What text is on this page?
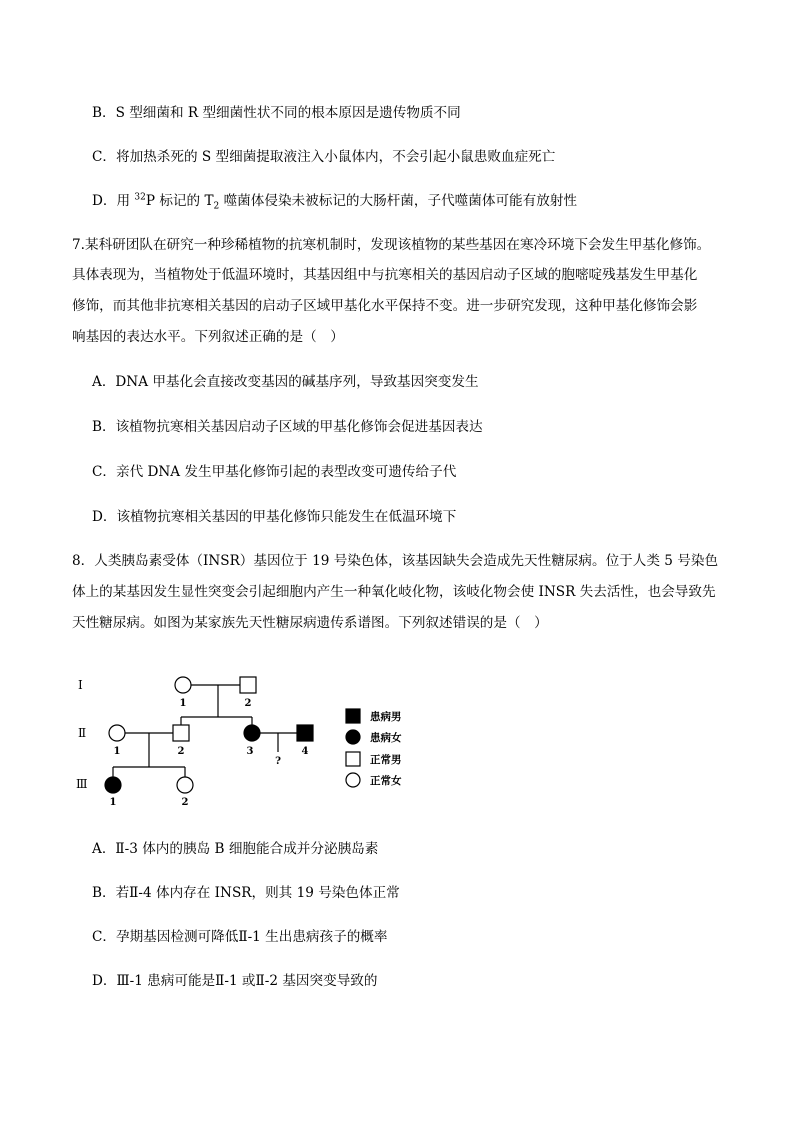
B．S 型细菌和 R 型细菌性状不同的根本原因是遗传物质不同
C．将加热杀死的 S 型细菌提取液注入小鼠体内，不会引起小鼠患败血症死亡
D．用 $^{32}$P 标记的 $T_2$ 噬菌体侵染未被标记的大肠杆菌，子代噬菌体可能有放射性
7.某科研团队在研究一种珍稀植物的抗寒机制时，发现该植物的某些基因在寒冷环境下会发生甲基化修饰。
具体表现为，当植物处于低温环境时，其基因组中与抗寒相关的基因启动子区域的胞嘧啶残基发生甲基化
修饰，而其他非抗寒相关基因的启动子区域甲基化水平保持不变。进一步研究发现，这种甲基化修饰会影
响基因的表达水平。下列叙述正确的是（　）
A．DNA 甲基化会直接改变基因的碱基序列，导致基因突变发生
B．该植物抗寒相关基因启动子区域的甲基化修饰会促进基因表达
C．亲代 DNA 发生甲基化修饰引起的表型改变可遗传给子代
D．该植物抗寒相关基因的甲基化修饰只能发生在低温环境下
8．人类胰岛素受体（INSR）基因位于 19 号染色体，该基因缺失会造成先天性糖尿病。位于人类 5 号染色
体上的某基因发生显性突变会引起细胞内产生一种氧化岐化物，该岐化物会使 INSR 失去活性，也会导致先
天性糖尿病。如图为某家族先天性糖尿病遗传系谱图。下列叙述错误的是（　）
Ⅰ
Ⅱ
Ⅲ
1	2
1	2	3	4
1	2
?
患病男
患病女
正常男
正常女
A．Ⅱ-3 体内的胰岛 B 细胞能合成并分泌胰岛素
B．若Ⅱ-4 体内存在 INSR，则其 19 号染色体正常
C．孕期基因检测可降低Ⅱ-1 生出患病孩子的概率
D．Ⅲ-1 患病可能是Ⅱ-1 或Ⅱ-2 基因突变导致的
